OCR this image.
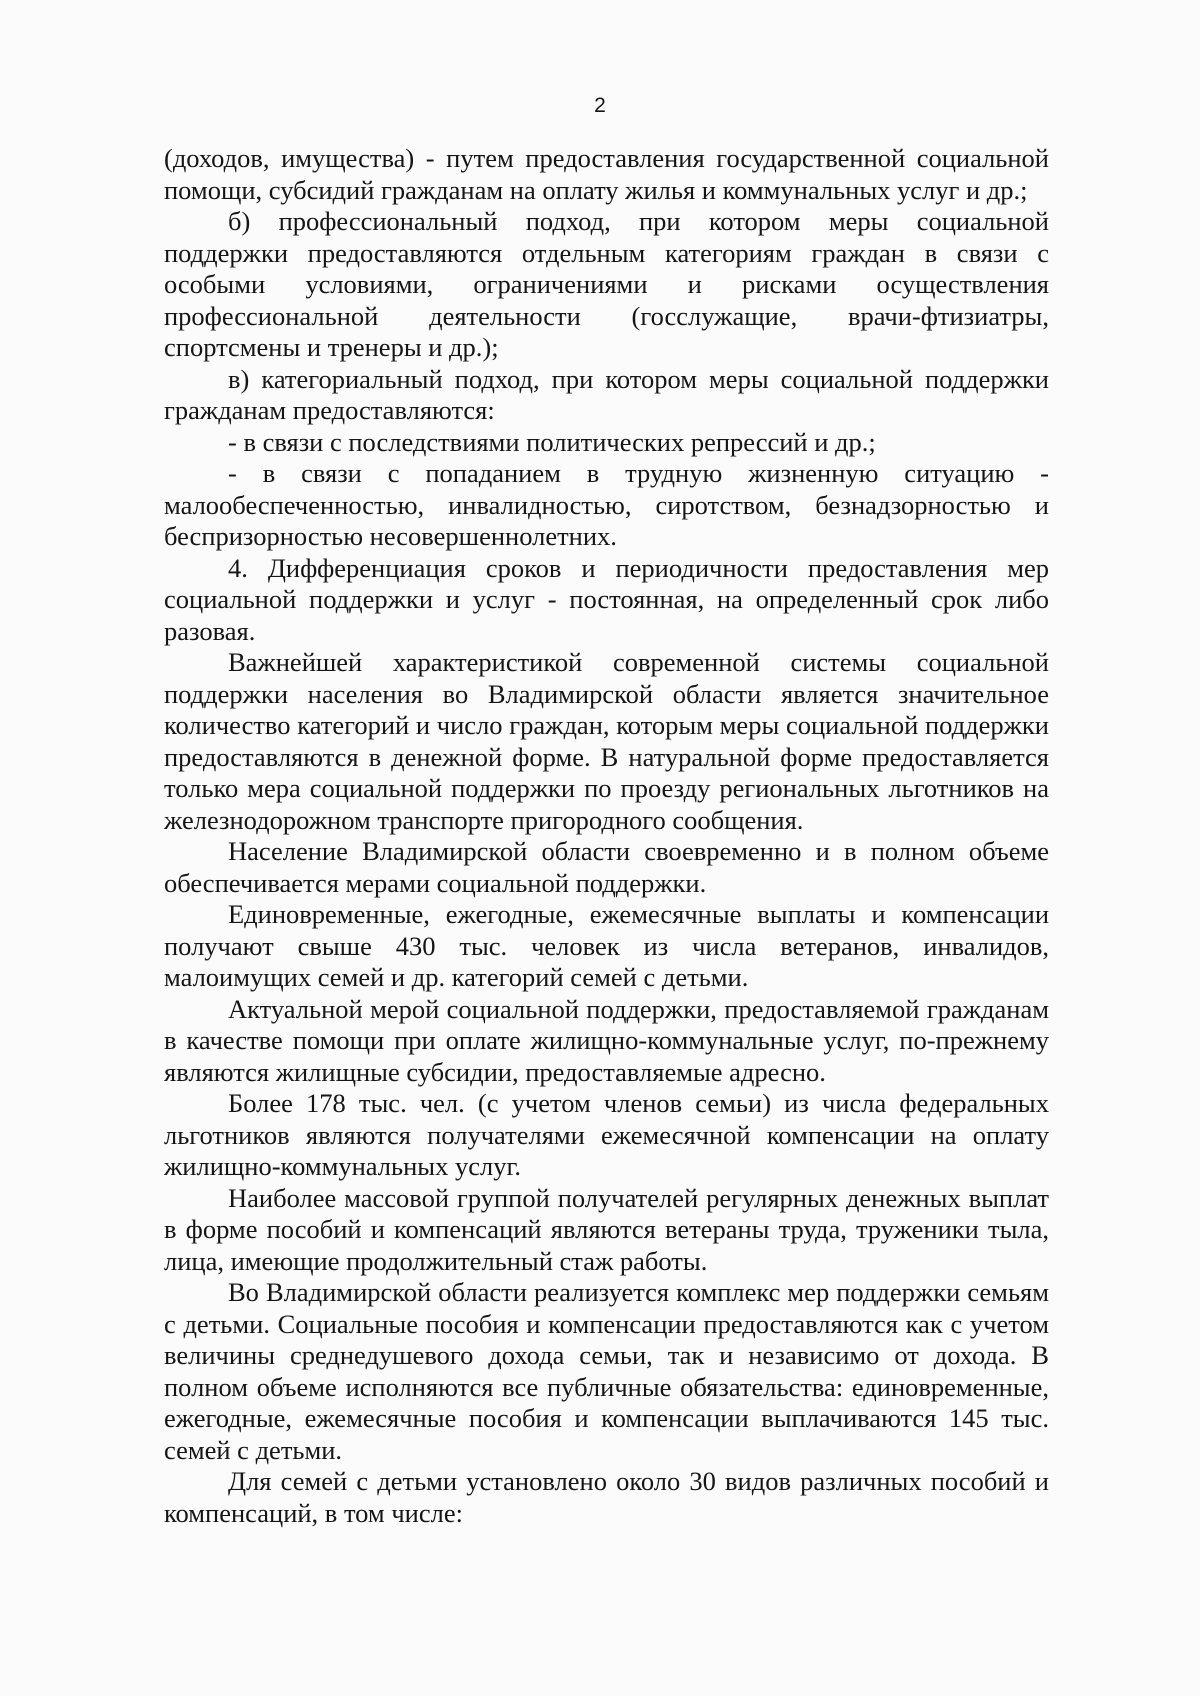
2

(доходов, имущества) - путем предоставления государственной социальной помощи, субсидий гражданам на оплату жилья и коммунальных услуг и др.;

б) профессиональный подход, при котором меры социальной поддержки предоставляются отдельным категориям граждан в связи с особыми условиями, ограничениями и рисками осуществления профессиональной деятельности (госслужащие, врачи-фтизиатры, спортсмены и тренеры и др.);

в) категориальный подход, при котором меры социальной поддержки гражданам предоставляются:

- в связи с последствиями политических репрессий и др.;

- в связи с попаданием в трудную жизненную ситуацию - малообеспеченностью, инвалидностью, сиротством, безнадзорностью и беспризорностью несовершеннолетних.

4. Дифференциация сроков и периодичности предоставления мер социальной поддержки и услуг - постоянная, на определенный срок либо разовая.

Важнейшей характеристикой современной системы социальной поддержки населения во Владимирской области является значительное количество категорий и число граждан, которым меры социальной поддержки предоставляются в денежной форме. В натуральной форме предоставляется только мера социальной поддержки по проезду региональных льготников на железнодорожном транспорте пригородного сообщения.

Население Владимирской области своевременно и в полном объеме обеспечивается мерами социальной поддержки.

Единовременные, ежегодные, ежемесячные выплаты и компенсации получают свыше 430 тыс. человек из числа ветеранов, инвалидов, малоимущих семей и др. категорий семей с детьми.

Актуальной мерой социальной поддержки, предоставляемой гражданам в качестве помощи при оплате жилищно-коммунальные услуг, по-прежнему являются жилищные субсидии, предоставляемые адресно.

Более 178 тыс. чел. (с учетом членов семьи) из числа федеральных льготников являются получателями ежемесячной компенсации на оплату жилищно-коммунальных услуг.

Наиболее массовой группой получателей регулярных денежных выплат в форме пособий и компенсаций являются ветераны труда, труженики тыла, лица, имеющие продолжительный стаж работы.

Во Владимирской области реализуется комплекс мер поддержки семьям с детьми. Социальные пособия и компенсации предоставляются как с учетом величины среднедушевого дохода семьи, так и независимо от дохода. В полном объеме исполняются все публичные обязательства: единовременные, ежегодные, ежемесячные пособия и компенсации выплачиваются 145 тыс. семей с детьми.

Для семей с детьми установлено около 30 видов различных пособий и компенсаций, в том числе:
